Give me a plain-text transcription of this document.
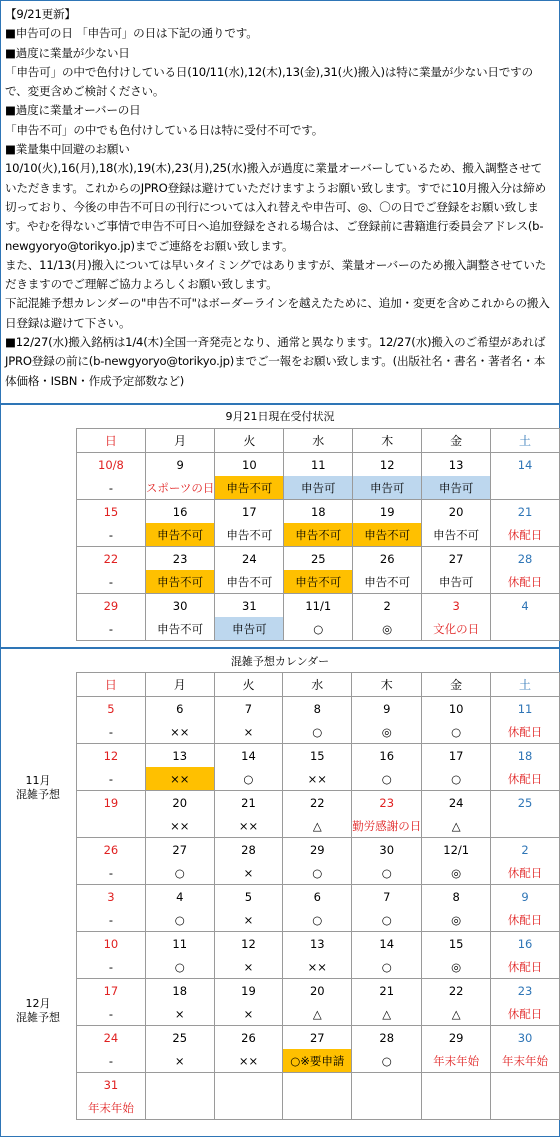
【9/21更新】

■申告可の日 「申告可」の日は下記の通りです。

■過度に業量が少ない日

「申告可」の中で色付けしている日(10/11(水),12(木),13(金),31(火)搬入)は特に業量が少ない日ですので、変更含めご検討ください。

■過度に業量オーバーの日

「申告不可」の中でも色付けしている日は特に受付不可です。

■業量集中回避のお願い

10/10(火),16(月),18(水),19(木),23(月),25(水)搬入が過度に業量オーバーしているため、搬入調整させていただきます。これからのJPRO登録は避けていただけますようお願い致します。すでに10月搬入分は締め切っており、今後の申告不可日の刊行については入れ替えや申告可、◎、〇の日でご登録をお願い致します。やむを得ないご事情で申告不可日へ追加登録をされる場合は、ご登録前に書籍進行委員会アドレス(b-newgyoryo@torikyo.jp)までご連絡をお願い致します。

また、11/13(月)搬入については早いタイミングではありますが、業量オーバーのため搬入調整させていただきますのでご理解ご協力よろしくお願い致します。

下記混雑予想カレンダーの"申告不可"はボーダーラインを越えたために、追加・変更を含めこれからの搬入日登録は避けて下さい。

■12/27(水)搬入銘柄は1/4(木)全国一斉発売となり、通常と異なります。12/27(水)搬入のご希望があればJPRO登録の前に(b-newgyoryo@torikyo.jp)までご一報をお願い致します。(出版社名・書名・著者名・本体価格・ISBN・作成予定部数など)

9月21日現在受付状況
日	月	火	水	木	金	土
10/8	9	10	11	12	13	14
-	スポーツの日	申告不可	申告可	申告可	申告可	
15	16	17	18	19	20	21
-	申告不可	申告不可	申告不可	申告不可	申告不可	休配日
22	23	24	25	26	27	28
-	申告不可	申告不可	申告不可	申告不可	申告可	休配日
29	30	31	11/1	2	3	4
-	申告不可	申告可	○	◎	文化の日	
混雑予想カレンダー
11月
混雑予想
12月
混雑予想
日	月	火	水	木	金	土
5	6	7	8	9	10	11
-	××	×	○	◎	○	休配日
12	13	14	15	16	17	18
-	××	○	××	○	○	休配日
19	20	21	22	23	24	25
	××	××	△	勤労感謝の日	△	
26	27	28	29	30	12/1	2
-	○	×	○	○	◎	休配日
3	4	5	6	7	8	9
-	○	×	○	○	◎	休配日
10	11	12	13	14	15	16
-	○	×	××	○	◎	休配日
17	18	19	20	21	22	23
-	×	×	△	△	△	休配日
24	25	26	27	28	29	30
-	×	××	○※要申請	○	年末年始	年末年始
31						
年末年始						
